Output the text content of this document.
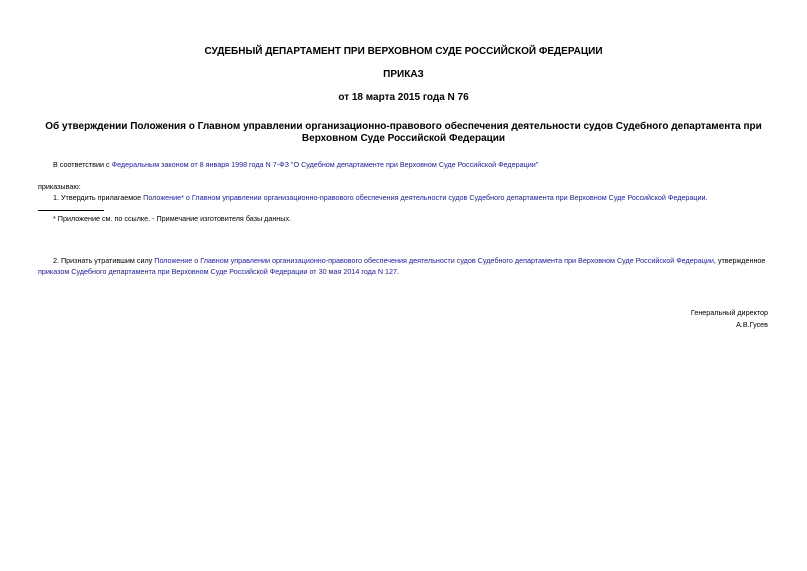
СУДЕБНЫЙ ДЕПАРТАМЕНТ ПРИ ВЕРХОВНОМ СУДЕ РОССИЙСКОЙ ФЕДЕРАЦИИ
ПРИКАЗ
от 18 марта 2015 года N 76
Об утверждении Положения о Главном управлении организационно-правового обеспечения деятельности судов Судебного департамента при Верховном Суде Российской Федерации
В соответствии с Федеральным законом от 8 января 1998 года N 7-ФЗ "О Судебном департаменте при Верховном Суде Российской Федерации"
приказываю:
1. Утвердить прилагаемое Положение* о Главном управлении организационно-правового обеспечения деятельности судов Судебного департамента при Верховном Суде Российской Федерации.
* Приложение см. по ссылке. - Примечание изготовителя базы данных.
2. Признать утратившим силу Положение о Главном управлении организационно-правового обеспечения деятельности судов Судебного департамента при Верховном Суде Российской Федерации, утвержденное приказом Судебного департамента при Верховном Суде Российской Федерации от 30 мая 2014 года N 127.
Генеральный директор
А.В.Гусев
